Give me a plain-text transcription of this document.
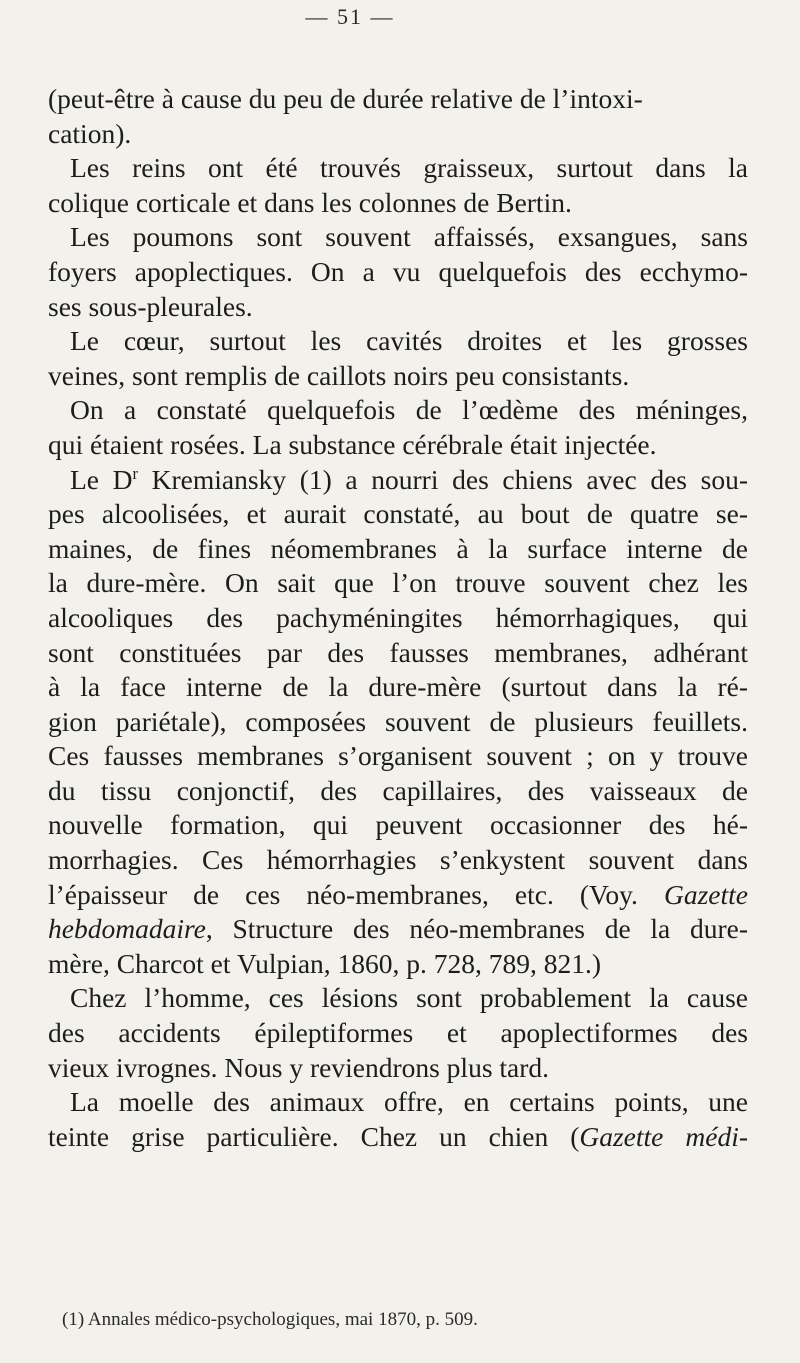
— 51 —
(peut-être à cause du peu de durée relative de l’intoxi-
cation).
Les reins ont été trouvés graisseux, surtout dans la
colique corticale et dans les colonnes de Bertin.
Les poumons sont souvent affaissés, exsangues, sans
foyers apoplectiques. On a vu quelquefois des ecchymo-
ses sous-pleurales.
Le cœur, surtout les cavités droites et les grosses
veines, sont remplis de caillots noirs peu consistants.
On a constaté quelquefois de l’œdème des méninges,
qui étaient rosées. La substance cérébrale était injectée.
Le $D^r$ Kremiansky (1) a nourri des chiens avec des sou-
pes alcoolisées, et aurait constaté, au bout de quatre se-
maines, de fines néomembranes à la surface interne de
la dure-mère. On sait que l’on trouve souvent chez les
alcooliques des pachyméningites hémorrhagiques, qui
sont constituées par des fausses membranes, adhérant
à la face interne de la dure-mère (surtout dans la ré-
gion pariétale), composées souvent de plusieurs feuillets.
Ces fausses membranes s’organisent souvent ; on y trouve
du tissu conjonctif, des capillaires, des vaisseaux de
nouvelle formation, qui peuvent occasionner des hé-
morrhagies. Ces hémorrhagies s’enkystent souvent dans
l’épaisseur de ces néo-membranes, etc. (Voy. Gazette
hebdomadaire, Structure des néo-membranes de la dure-
mère, Charcot et Vulpian, 1860, p. 728, 789, 821.)
Chez l’homme, ces lésions sont probablement la cause
des accidents épileptiformes et apoplectiformes des
vieux ivrognes. Nous y reviendrons plus tard.
La moelle des animaux offre, en certains points, une
teinte grise particulière. Chez un chien (Gazette médi-
(1) Annales médico-psychologiques, mai 1870, p. 509.
